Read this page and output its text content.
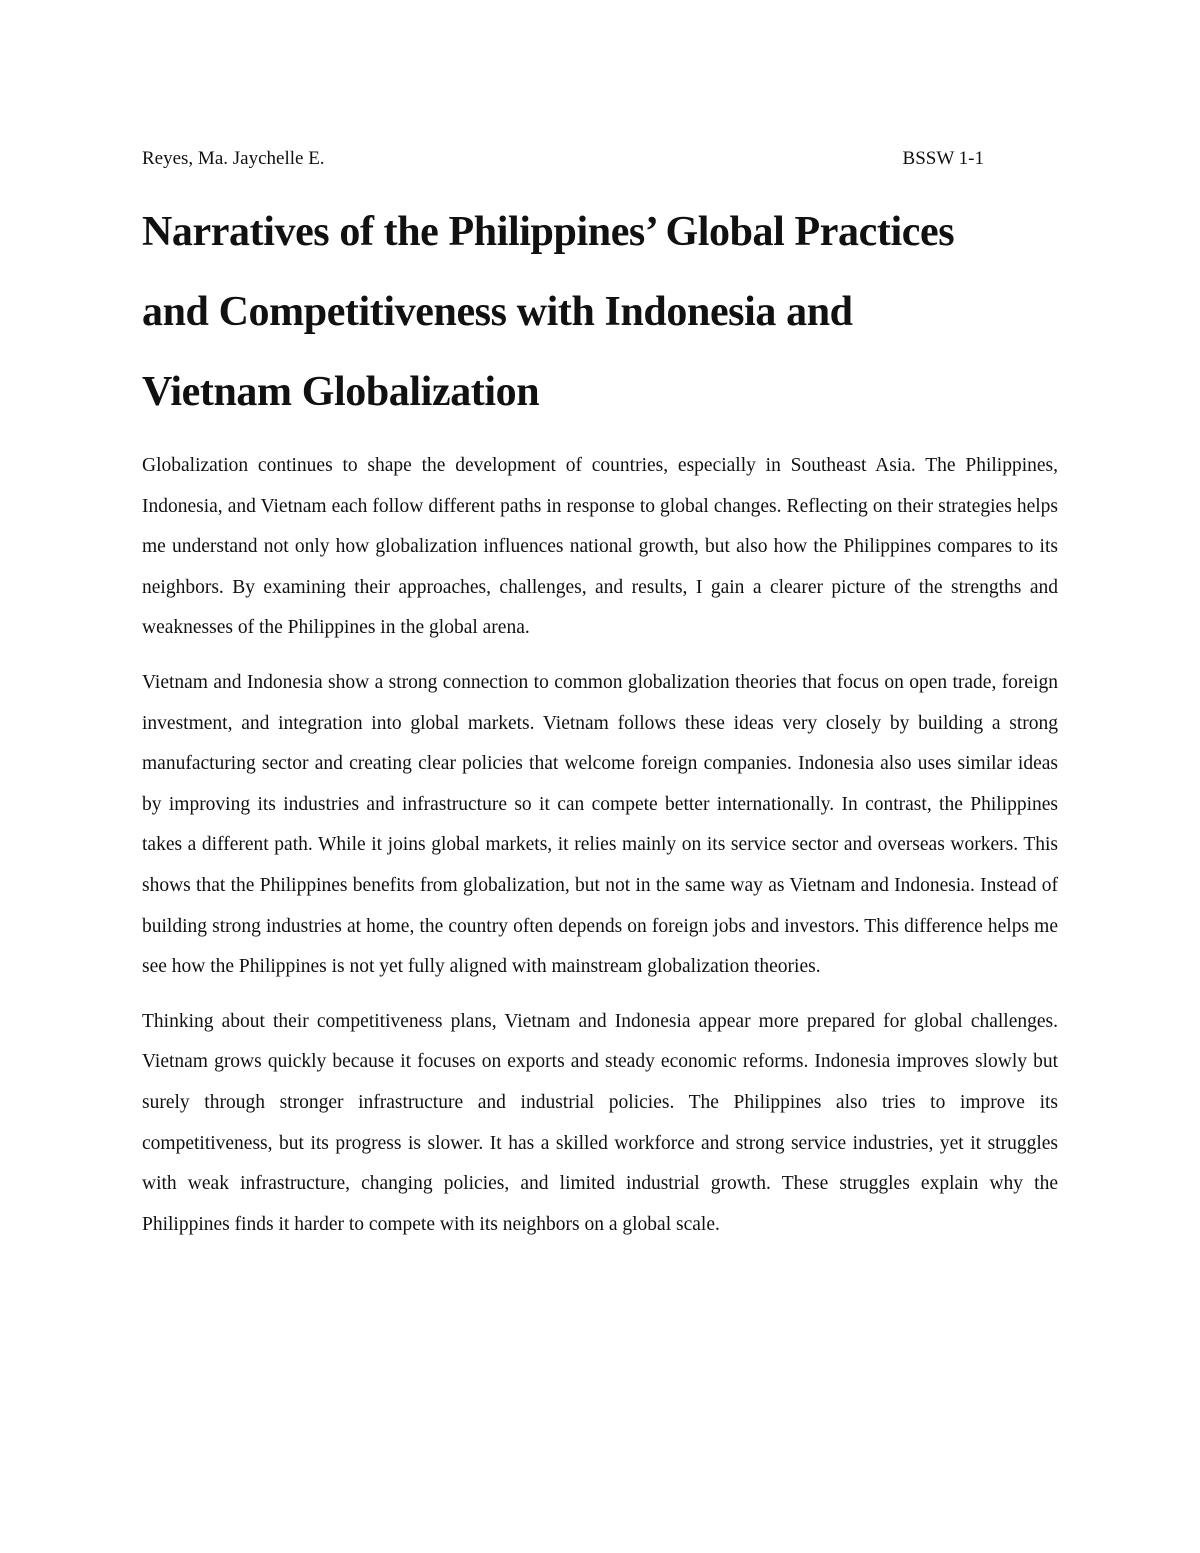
Reyes, Ma. Jaychelle E.	BSSW 1-1
Narratives of the Philippines’ Global Practices
and Competitiveness with Indonesia and
Vietnam Globalization

Globalization continues to shape the development of countries, especially in Southeast Asia. The Philippines, Indonesia, and Vietnam each follow different paths in response to global changes. Reflecting on their strategies helps me understand not only how globalization influences national growth, but also how the Philippines compares to its neighbors. By examining their approaches, challenges, and results, I gain a clearer picture of the strengths and weaknesses of the Philippines in the global arena.

Vietnam and Indonesia show a strong connection to common globalization theories that focus on open trade, foreign investment, and integration into global markets. Vietnam follows these ideas very closely by building a strong manufacturing sector and creating clear policies that welcome foreign companies. Indonesia also uses similar ideas by improving its industries and infrastructure so it can compete better internationally. In contrast, the Philippines takes a different path. While it joins global markets, it relies mainly on its service sector and overseas workers. This shows that the Philippines benefits from globalization, but not in the same way as Vietnam and Indonesia. Instead of building strong industries at home, the country often depends on foreign jobs and investors. This difference helps me see how the Philippines is not yet fully aligned with mainstream globalization theories.

Thinking about their competitiveness plans, Vietnam and Indonesia appear more prepared for global challenges. Vietnam grows quickly because it focuses on exports and steady economic reforms. Indonesia improves slowly but surely through stronger infrastructure and industrial policies. The Philippines also tries to improve its competitiveness, but its progress is slower. It has a skilled workforce and strong service industries, yet it struggles with weak infrastructure, changing policies, and limited industrial growth. These struggles explain why the Philippines finds it harder to compete with its neighbors on a global scale.
